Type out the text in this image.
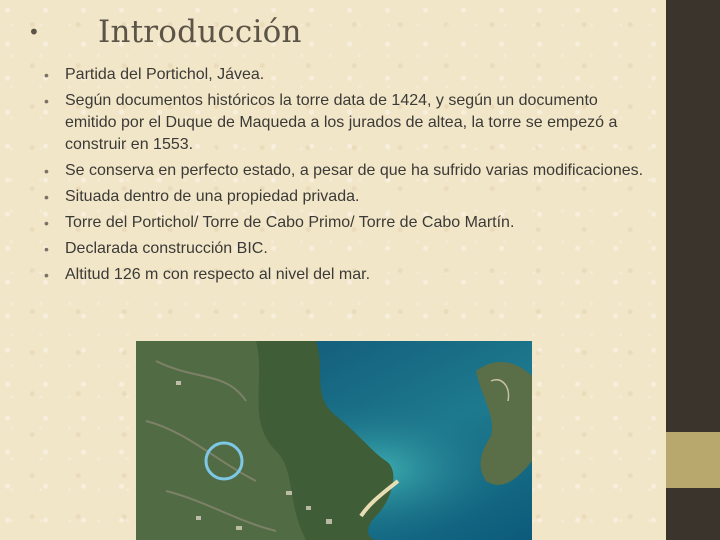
•	Introducción
• Partida del Portichol, Jávea.
• Según documentos históricos la torre data de 1424, y según un documento emitido por el Duque de Maqueda a los jurados de altea, la torre se empezó a construir en 1553.
• Se conserva en perfecto estado, a pesar de que ha sufrido varias modificaciones.
• Situada dentro de una propiedad privada.
• Torre del Portichol/ Torre de Cabo Primo/ Torre de Cabo Martín.
• Declarada construcción BIC.
• Altitud 126 m con respecto al nivel del mar.
